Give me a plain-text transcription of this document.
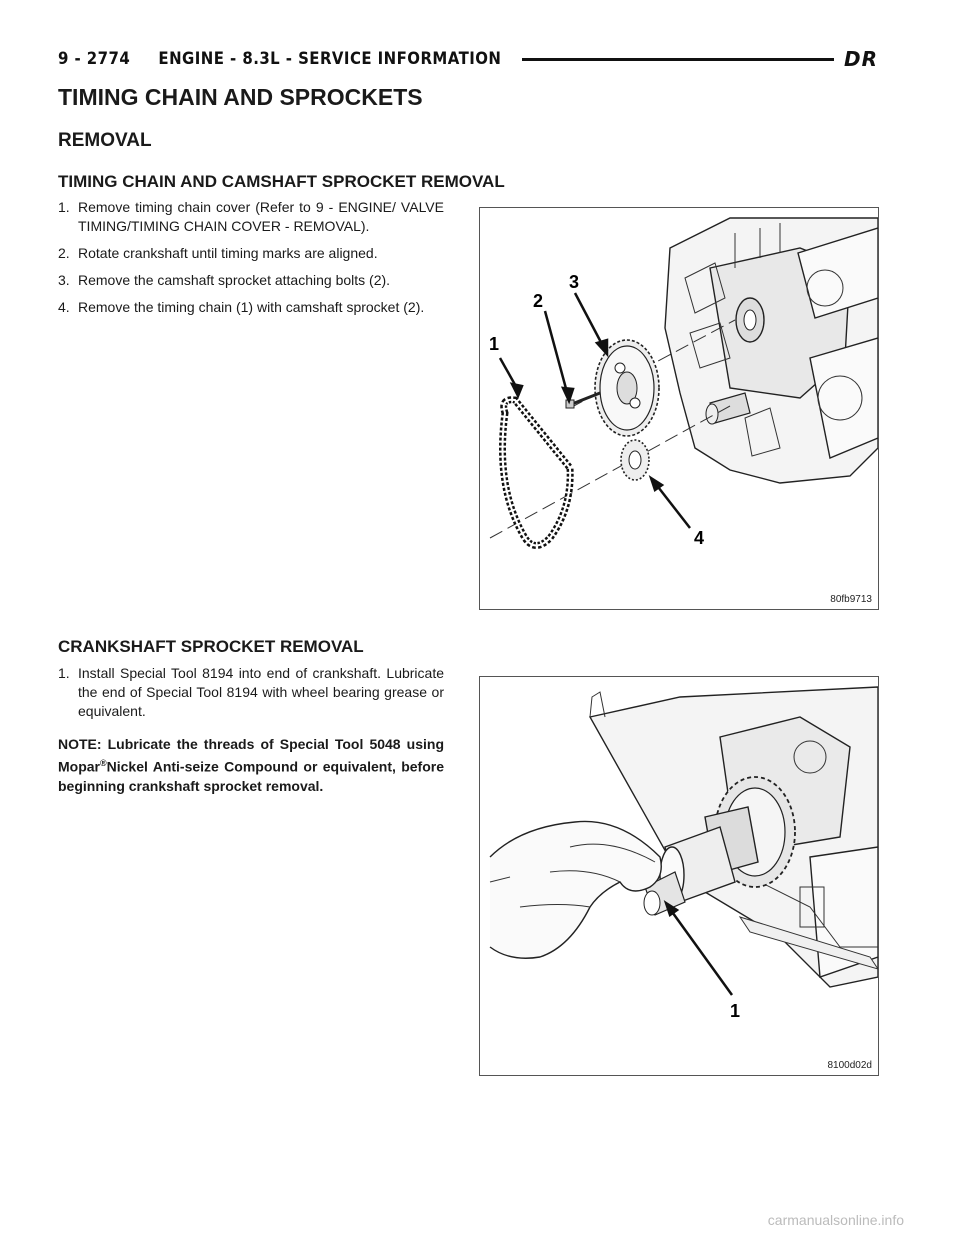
9 - 2774     ENGINE - 8.3L - SERVICE INFORMATION	DR
TIMING CHAIN AND SPROCKETS
REMOVAL
TIMING CHAIN AND CAMSHAFT SPROCKET REMOVAL
1. Remove timing chain cover (Refer to 9 - ENGINE/ VALVE TIMING/TIMING CHAIN COVER - REMOVAL).
2. Rotate crankshaft until timing marks are aligned.
3. Remove the camshaft sprocket attaching bolts (2).
4. Remove the timing chain (1) with camshaft sprocket (2).
1
2
3
4
80fb9713
CRANKSHAFT SPROCKET REMOVAL
1. Install Special Tool 8194 into end of crankshaft. Lubricate the end of Special Tool 8194 with wheel bearing grease or equivalent.
NOTE: Lubricate the threads of Special Tool 5048 using Mopar®Nickel Anti-seize Compound or equivalent, before beginning crankshaft sprocket removal.
1
8100d02d
carmanualsonline.info
